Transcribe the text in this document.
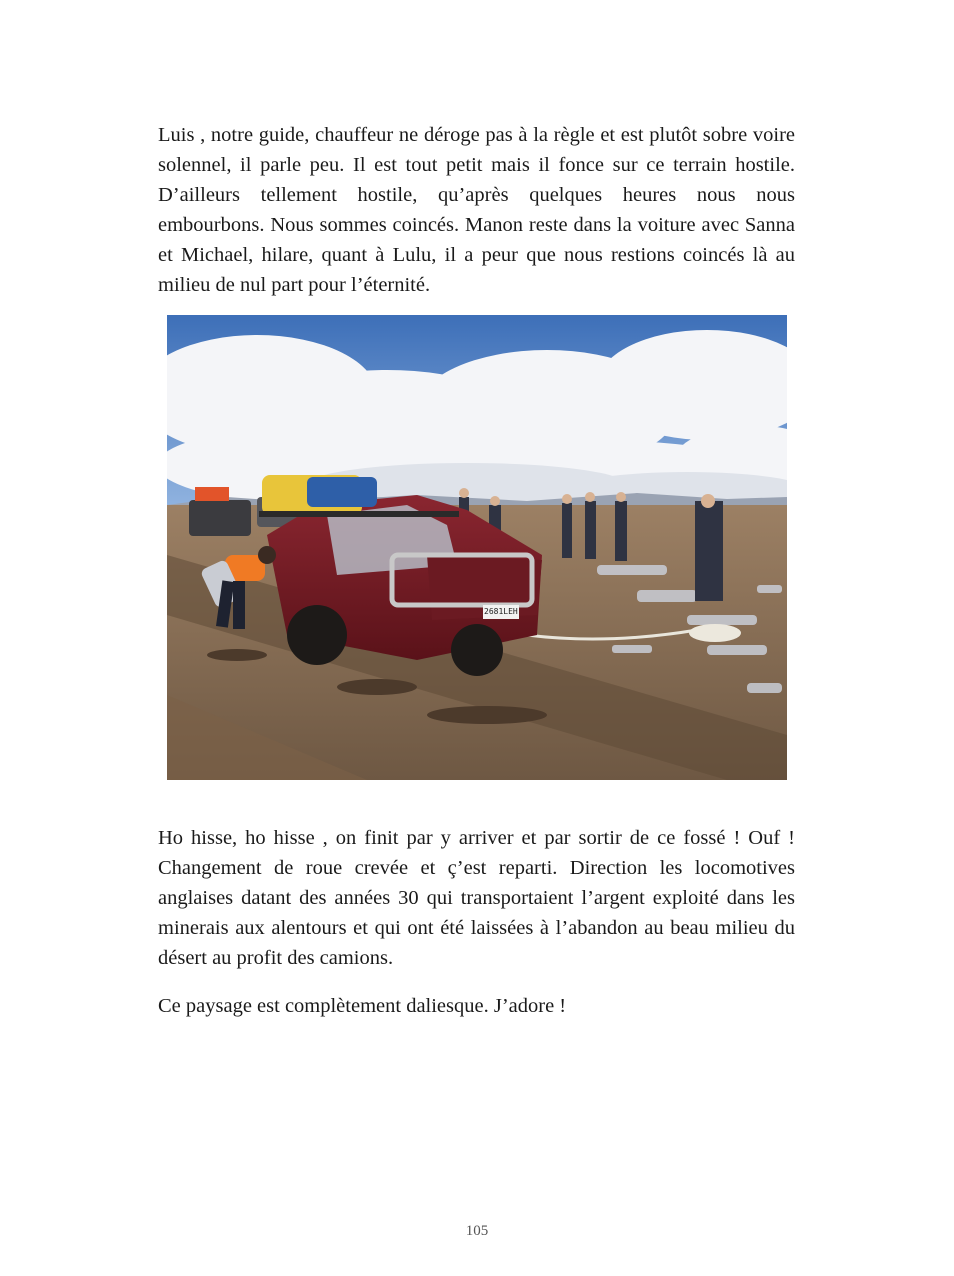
Luis , notre guide, chauffeur ne déroge pas à la règle et est plutôt sobre voire solennel, il parle peu. Il est tout petit mais il fonce sur ce terrain hostile. D’ailleurs tellement hostile, qu’après quelques heures nous nous embourbons. Nous sommes coincés. Manon reste dans la voiture avec Sanna et Michael, hilare, quant à Lulu, il a peur que nous restions coincés là au milieu de nul part pour l’éternité.

2681LEH

Ho hisse, ho hisse , on finit par y arriver et par sortir de ce fossé ! Ouf ! Changement de roue crevée et ç’est reparti. Direction les locomotives anglaises datant des années 30 qui transportaient l’argent exploité dans les minerais aux alentours et qui ont été laissées à l’abandon au beau milieu du désert au profit des camions.

Ce paysage est complètement daliesque. J’adore !

105
